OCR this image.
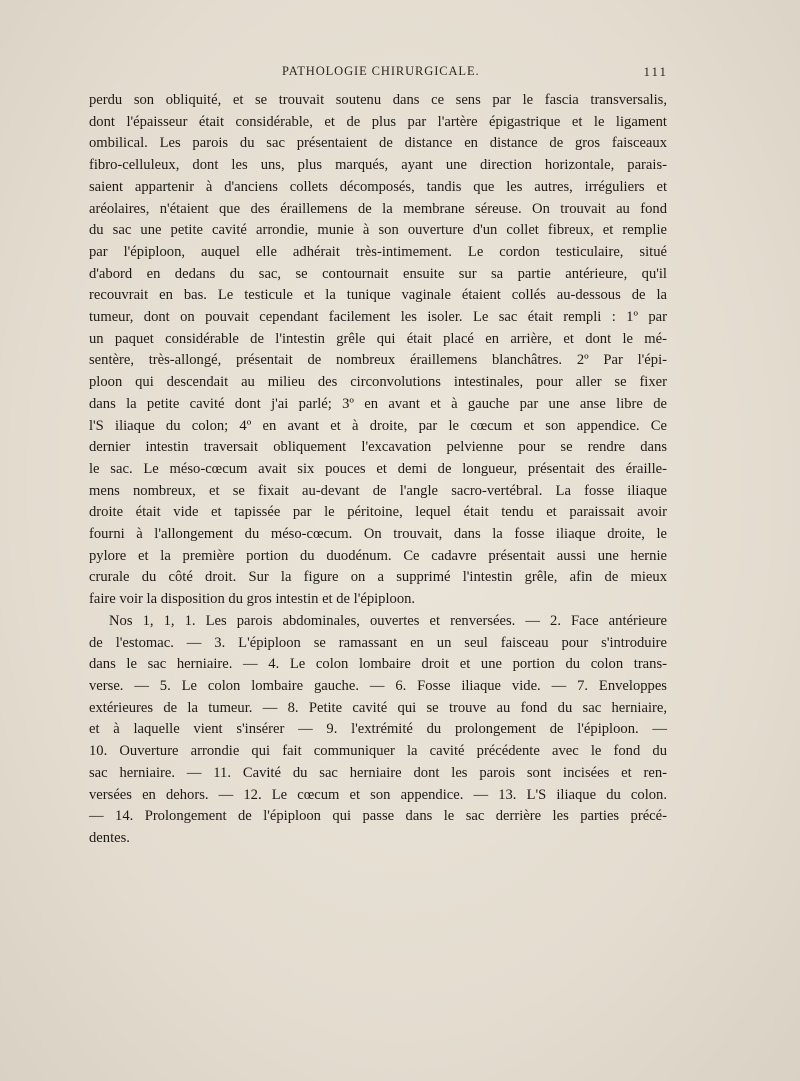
PATHOLOGIE CHIRURGICALE.	111
perdu son obliquité, et se trouvait soutenu dans ce sens par le fascia transversalis,
dont l'épaisseur était considérable, et de plus par l'artère épigastrique et le ligament
ombilical. Les parois du sac présentaient de distance en distance de gros faisceaux
fibro-celluleux, dont les uns, plus marqués, ayant une direction horizontale, parais-
saient appartenir à d'anciens collets décomposés, tandis que les autres, irréguliers et
aréolaires, n'étaient que des éraillemens de la membrane séreuse. On trouvait au fond
du sac une petite cavité arrondie, munie à son ouverture d'un collet fibreux, et remplie
par l'épiploon, auquel elle adhérait très-intimement. Le cordon testiculaire, situé
d'abord en dedans du sac, se contournait ensuite sur sa partie antérieure, qu'il
recouvrait en bas. Le testicule et la tunique vaginale étaient collés au-dessous de la
tumeur, dont on pouvait cependant facilement les isoler. Le sac était rempli : 1º par
un paquet considérable de l'intestin grêle qui était placé en arrière, et dont le mé-
sentère, très-allongé, présentait de nombreux éraillemens blanchâtres. 2º Par l'épi-
ploon qui descendait au milieu des circonvolutions intestinales, pour aller se fixer
dans la petite cavité dont j'ai parlé; 3º en avant et à gauche par une anse libre de
l'S iliaque du colon; 4º en avant et à droite, par le cœcum et son appendice. Ce
dernier intestin traversait obliquement l'excavation pelvienne pour se rendre dans
le sac. Le méso-cœcum avait six pouces et demi de longueur, présentait des éraille-
mens nombreux, et se fixait au-devant de l'angle sacro-vertébral. La fosse iliaque
droite était vide et tapissée par le péritoine, lequel était tendu et paraissait avoir
fourni à l'allongement du méso-cœcum. On trouvait, dans la fosse iliaque droite, le
pylore et la première portion du duodénum. Ce cadavre présentait aussi une hernie
crurale du côté droit. Sur la figure on a supprimé l'intestin grêle, afin de mieux
faire voir la disposition du gros intestin et de l'épiploon.
Nos 1, 1, 1. Les parois abdominales, ouvertes et renversées. — 2. Face antérieure
de l'estomac. — 3. L'épiploon se ramassant en un seul faisceau pour s'introduire
dans le sac herniaire. — 4. Le colon lombaire droit et une portion du colon trans-
verse. — 5. Le colon lombaire gauche. — 6. Fosse iliaque vide. — 7. Enveloppes
extérieures de la tumeur. — 8. Petite cavité qui se trouve au fond du sac herniaire,
et à laquelle vient s'insérer — 9. l'extrémité du prolongement de l'épiploon. —
10. Ouverture arrondie qui fait communiquer la cavité précédente avec le fond du
sac herniaire. — 11. Cavité du sac herniaire dont les parois sont incisées et ren-
versées en dehors. — 12. Le cœcum et son appendice. — 13. L'S iliaque du colon.
— 14. Prolongement de l'épiploon qui passe dans le sac derrière les parties précé-
dentes.
